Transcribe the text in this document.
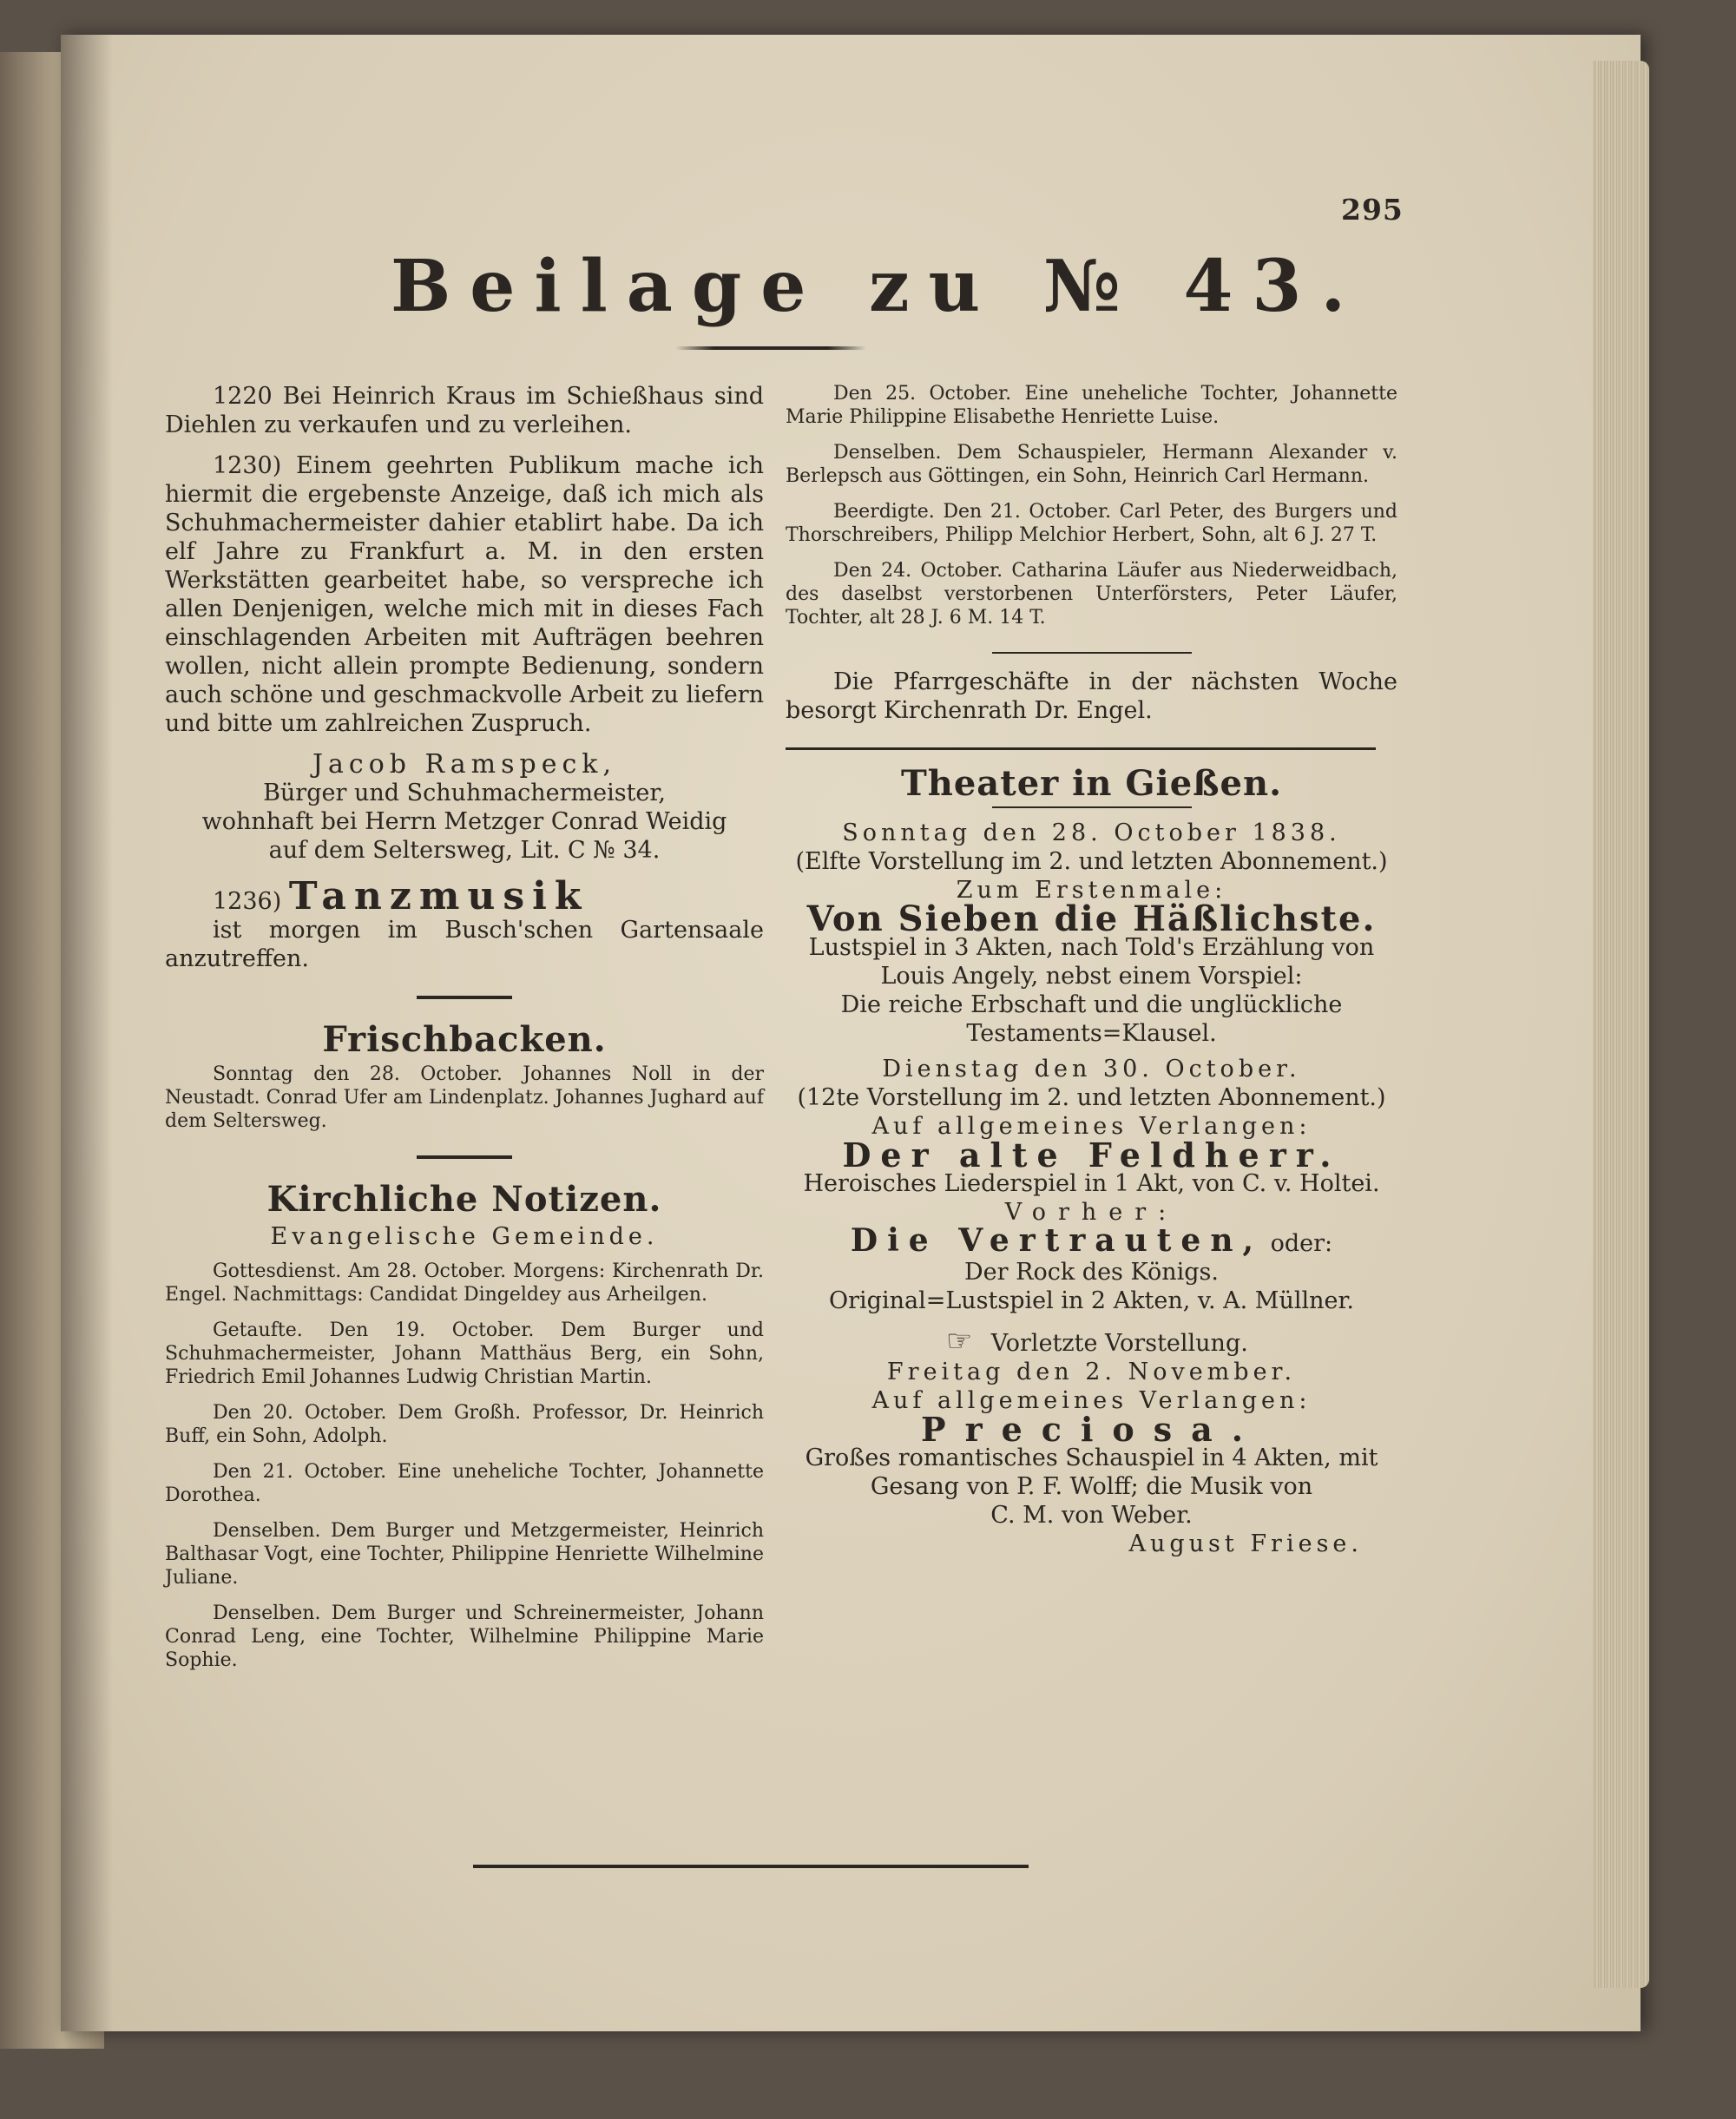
295
Beilage zu № 43.

1220 Bei Heinrich Kraus im Schießhaus sind Diehlen zu verkaufen und zu verleihen.

1230) Einem geehrten Publikum mache ich hiermit die ergebenste Anzeige, daß ich mich als Schuhmachermeister dahier etablirt habe. Da ich elf Jahre zu Frankfurt a. M. in den ersten Werkstätten gearbeitet habe, so verspreche ich allen Denjenigen, welche mich mit in dieses Fach einschlagenden Arbeiten mit Aufträgen beehren wollen, nicht allein prompte Bedienung, sondern auch schöne und geschmackvolle Arbeit zu liefern und bitte um zahlreichen Zuspruch.

Jacob Ramspeck,
Bürger und Schuhmachermeister,
wohnhaft bei Herrn Metzger Conrad Weidig
auf dem Seltersweg, Lit. C № 34.
1236) Tanzmusik

ist morgen im Busch'schen Gartensaale anzutreffen.

Frischbacken.

Sonntag den 28. October. Johannes Noll in der Neustadt. Conrad Ufer am Lindenplatz. Johannes Jughard auf dem Seltersweg.

Kirchliche Notizen.
Evangelische Gemeinde.

Gottesdienst. Am 28. October. Morgens: Kirchenrath Dr. Engel. Nachmittags: Candidat Dingeldey aus Arheilgen.

Getaufte. Den 19. October. Dem Burger und Schuhmachermeister, Johann Matthäus Berg, ein Sohn, Friedrich Emil Johannes Ludwig Christian Martin.

Den 20. October. Dem Großh. Professor, Dr. Heinrich Buff, ein Sohn, Adolph.

Den 21. October. Eine uneheliche Tochter, Johannette Dorothea.

Denselben. Dem Burger und Metzgermeister, Heinrich Balthasar Vogt, eine Tochter, Philippine Henriette Wilhelmine Juliane.

Denselben. Dem Burger und Schreinermeister, Johann Conrad Leng, eine Tochter, Wilhelmine Philippine Marie Sophie.

Den 25. October. Eine uneheliche Tochter, Johannette Marie Philippine Elisabethe Henriette Luise.

Denselben. Dem Schauspieler, Hermann Alexander v. Berlepsch aus Göttingen, ein Sohn, Heinrich Carl Hermann.

Beerdigte. Den 21. October. Carl Peter, des Burgers und Thorschreibers, Philipp Melchior Herbert, Sohn, alt 6 J. 27 T.

Den 24. October. Catharina Läufer aus Niederweidbach, des daselbst verstorbenen Unterförsters, Peter Läufer, Tochter, alt 28 J. 6 M. 14 T.

Die Pfarrgeschäfte in der nächsten Woche besorgt Kirchenrath Dr. Engel.

Theater in Gießen.
Sonntag den 28. October 1838.
(Elfte Vorstellung im 2. und letzten Abonnement.)
Zum Erstenmale:
Von Sieben die Häßlichste.
Lustspiel in 3 Akten, nach Told's Erzählung von
Louis Angely, nebst einem Vorspiel:
Die reiche Erbschaft und die unglückliche
Testaments=Klausel.
Dienstag den 30. October.
(12te Vorstellung im 2. und letzten Abonnement.)
Auf allgemeines Verlangen:
Der alte Feldherr.
Heroisches Liederspiel in 1 Akt, von C. v. Holtei.
Vorher:
Die Vertrauten, oder:
Der Rock des Königs.
Original=Lustspiel in 2 Akten, v. A. Müllner.
☞ Vorletzte Vorstellung.
Freitag den 2. November.
Auf allgemeines Verlangen:
Preciosa.
Großes romantisches Schauspiel in 4 Akten, mit
Gesang von P. F. Wolff; die Musik von
C. M. von Weber.
August Friese.
